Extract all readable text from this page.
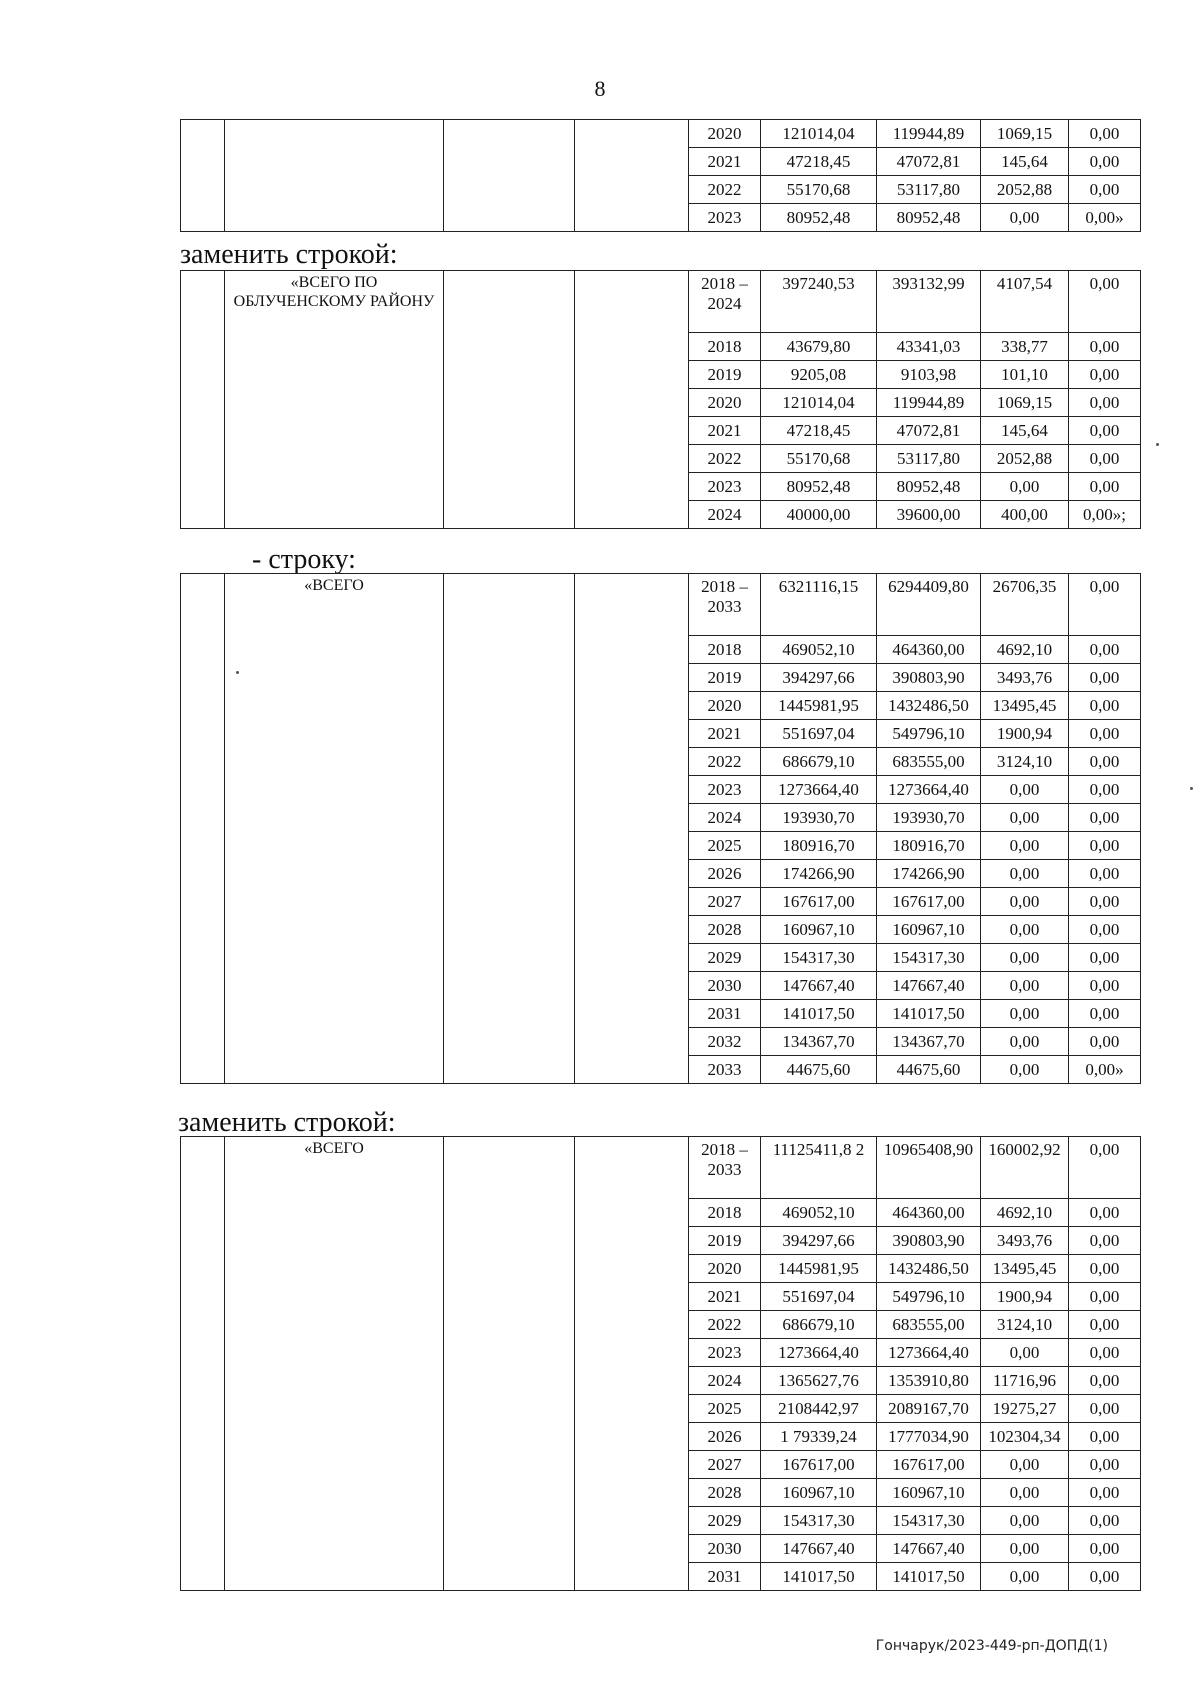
8
				2020	121014,04	119944,89	1069,15	0,00
				2021	47218,45	47072,81	145,64	0,00
				2022	55170,68	53117,80	2052,88	0,00
				2023	80952,48	80952,48	0,00	0,00»
заменить строкой:
	«ВСЕГО ПО ОБЛУЧЕНСКОМУ РАЙОНУ			2018 – 2024	397240,53	393132,99	4107,54	0,00
				2018	43679,80	43341,03	338,77	0,00
				2019	9205,08	9103,98	101,10	0,00
				2020	121014,04	119944,89	1069,15	0,00
				2021	47218,45	47072,81	145,64	0,00
				2022	55170,68	53117,80	2052,88	0,00
				2023	80952,48	80952,48	0,00	0,00
				2024	40000,00	39600,00	400,00	0,00»;
- строку:
	«ВСЕГО			2018 – 2033	6321116,15	6294409,80	26706,35	0,00
				2018	469052,10	464360,00	4692,10	0,00
				2019	394297,66	390803,90	3493,76	0,00
				2020	1445981,95	1432486,50	13495,45	0,00
				2021	551697,04	549796,10	1900,94	0,00
				2022	686679,10	683555,00	3124,10	0,00
				2023	1273664,40	1273664,40	0,00	0,00
				2024	193930,70	193930,70	0,00	0,00
				2025	180916,70	180916,70	0,00	0,00
				2026	174266,90	174266,90	0,00	0,00
				2027	167617,00	167617,00	0,00	0,00
				2028	160967,10	160967,10	0,00	0,00
				2029	154317,30	154317,30	0,00	0,00
				2030	147667,40	147667,40	0,00	0,00
				2031	141017,50	141017,50	0,00	0,00
				2032	134367,70	134367,70	0,00	0,00
				2033	44675,60	44675,60	0,00	0,00»
заменить строкой:
	«ВСЕГО			2018 – 2033	11125411,8 2	10965408,90	160002,92	0,00
				2018	469052,10	464360,00	4692,10	0,00
				2019	394297,66	390803,90	3493,76	0,00
				2020	1445981,95	1432486,50	13495,45	0,00
				2021	551697,04	549796,10	1900,94	0,00
				2022	686679,10	683555,00	3124,10	0,00
				2023	1273664,40	1273664,40	0,00	0,00
				2024	1365627,76	1353910,80	11716,96	0,00
				2025	2108442,97	2089167,70	19275,27	0,00
				2026	1 79339,24	1777034,90	102304,34	0,00
				2027	167617,00	167617,00	0,00	0,00
				2028	160967,10	160967,10	0,00	0,00
				2029	154317,30	154317,30	0,00	0,00
				2030	147667,40	147667,40	0,00	0,00
				2031	141017,50	141017,50	0,00	0,00
Гончарук/2023-449-рп-ДОПД(1)
